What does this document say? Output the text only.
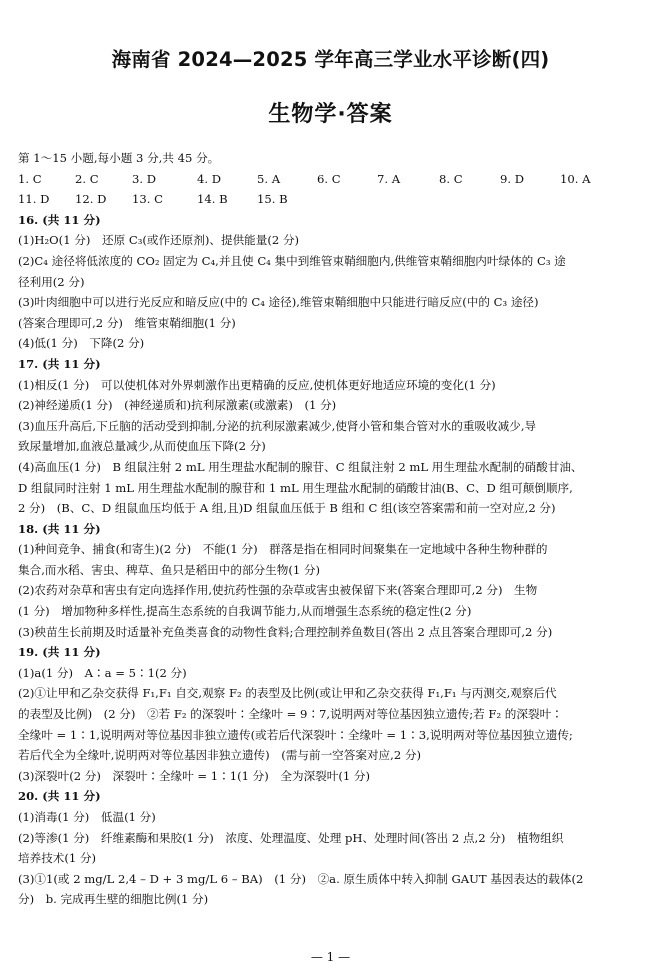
海南省 2024—2025 学年高三学业水平诊断(四)
生物学·答案
第 1～15 小题,每小题 3 分,共 45 分。
1. C	2. C	3. D	4. D	5. A	6. C	7. A	8. C	9. D	10. A
11. D 12. D 13. C	14. B	15. B
16. (共 11 分)
(1)H₂O(1 分)　还原 C₃(或作还原剂)、提供能量(2 分)
(2)C₄ 途径将低浓度的 CO₂ 固定为 C₄,并且使 C₄ 集中到维管束鞘细胞内,供维管束鞘细胞内叶绿体的 C₃ 途
径利用(2 分)
(3)叶肉细胞中可以进行光反应和暗反应(中的 C₄ 途径),维管束鞘细胞中只能进行暗反应(中的 C₃ 途径)
(答案合理即可,2 分)　维管束鞘细胞(1 分)
(4)低(1 分)　下降(2 分)
17. (共 11 分)
(1)相反(1 分)　可以使机体对外界刺激作出更精确的反应,使机体更好地适应环境的变化(1 分)
(2)神经递质(1 分)　(神经递质和)抗利尿激素(或激素)　(1 分)
(3)血压升高后,下丘脑的活动受到抑制,分泌的抗利尿激素减少,使肾小管和集合管对水的重吸收减少,导
致尿量增加,血液总量减少,从而使血压下降(2 分)
(4)高血压(1 分)　B 组鼠注射 2 mL 用生理盐水配制的腺苷、C 组鼠注射 2 mL 用生理盐水配制的硝酸甘油、
D 组鼠同时注射 1 mL 用生理盐水配制的腺苷和 1 mL 用生理盐水配制的硝酸甘油(B、C、D 组可颠倒顺序,
2 分)　(B、C、D 组鼠血压均低于 A 组,且)D 组鼠血压低于 B 组和 C 组(该空答案需和前一空对应,2 分)
18. (共 11 分)
(1)种间竞争、捕食(和寄生)(2 分)　不能(1 分)　群落是指在相同时间聚集在一定地域中各种生物种群的
集合,而水稻、害虫、稗草、鱼只是稻田中的部分生物(1 分)
(2)农药对杂草和害虫有定向选择作用,使抗药性强的杂草或害虫被保留下来(答案合理即可,2 分)　生物
(1 分)　增加物种多样性,提高生态系统的自我调节能力,从而增强生态系统的稳定性(2 分)
(3)秧苗生长前期及时适量补充鱼类喜食的动物性食料;合理控制养鱼数目(答出 2 点且答案合理即可,2 分)
19. (共 11 分)
(1)a(1 分)　A∶a = 5∶1(2 分)
(2)①让甲和乙杂交获得 F₁,F₁ 自交,观察 F₂ 的表型及比例(或让甲和乙杂交获得 F₁,F₁ 与丙测交,观察后代
的表型及比例)　(2 分)　②若 F₂ 的深裂叶∶全缘叶 = 9∶7,说明两对等位基因独立遗传;若 F₂ 的深裂叶∶
全缘叶 = 1∶1,说明两对等位基因非独立遗传(或若后代深裂叶∶全缘叶 = 1∶3,说明两对等位基因独立遗传;
若后代全为全缘叶,说明两对等位基因非独立遗传)　(需与前一空答案对应,2 分)
(3)深裂叶(2 分)　深裂叶∶全缘叶 = 1∶1(1 分)　全为深裂叶(1 分)
20. (共 11 分)
(1)消毒(1 分)　低温(1 分)
(2)等渗(1 分)　纤维素酶和果胶(1 分)　浓度、处理温度、处理 pH、处理时间(答出 2 点,2 分)　植物组织
培养技术(1 分)
(3)①1(或 2 mg/L 2,4 – D + 3 mg/L 6 – BA)　(1 分)　②a. 原生质体中转入抑制 GAUT 基因表达的载体(2
分)　b. 完成再生壁的细胞比例(1 分)
— 1 —
